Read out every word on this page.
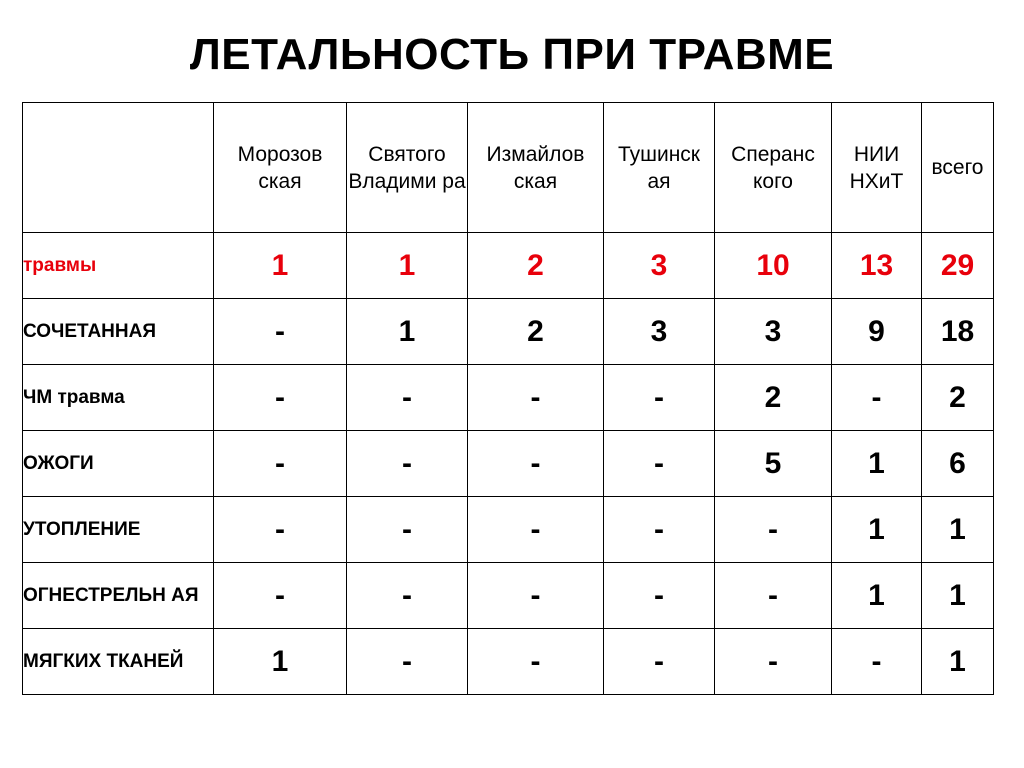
ЛЕТАЛЬНОСТЬ ПРИ ТРАВМЕ
	Морозов ская	Святого Владими ра	Измайлов ская	Тушинск ая	Сперанс кого	НИИ НХиТ	всего
травмы	1	1	2	3	10	13	29
СОЧЕТАННАЯ	-	1	2	3	3	9	18
ЧМ травма	-	-	-	-	2	-	2
ОЖОГИ	-	-	-	-	5	1	6
УТОПЛЕНИЕ	-	-	-	-	-	1	1
ОГНЕСТРЕЛЬН АЯ	-	-	-	-	-	1	1
МЯГКИХ ТКАНЕЙ	1	-	-	-	-	-	1
